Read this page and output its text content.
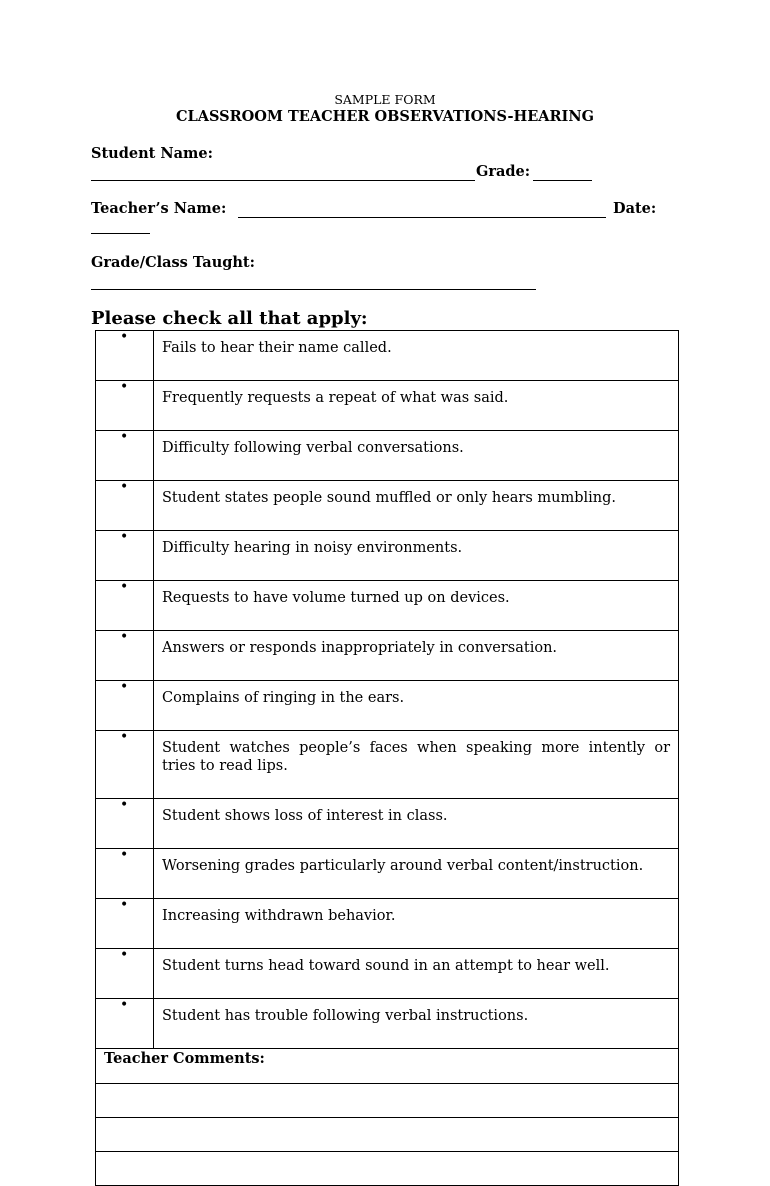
SAMPLE FORM
CLASSROOM TEACHER OBSERVATIONS-HEARING
Student Name:
Grade:
Teacher’s Name:	Date:
Grade/Class Taught:
Please check all that apply:
•	Fails to hear their name called.

•	Frequently requests a repeat of what was said.

•	Difficulty following verbal conversations.

•	Student states people sound muffled or only hears mumbling.

•	Difficulty hearing in noisy environments.

•	Requests to have volume turned up on devices.

•	Answers or responds inappropriately in conversation.

•	Complains of ringing in the ears.

•	Student watches people’s faces when speaking more intently or tries to read lips.

•	Student shows loss of interest in class.

•	Worsening grades particularly around verbal content/instruction.

•	Increasing withdrawn behavior.

•	Student turns head toward sound in an attempt to hear well.

•	Student has trouble following verbal instructions.
Teacher Comments:
